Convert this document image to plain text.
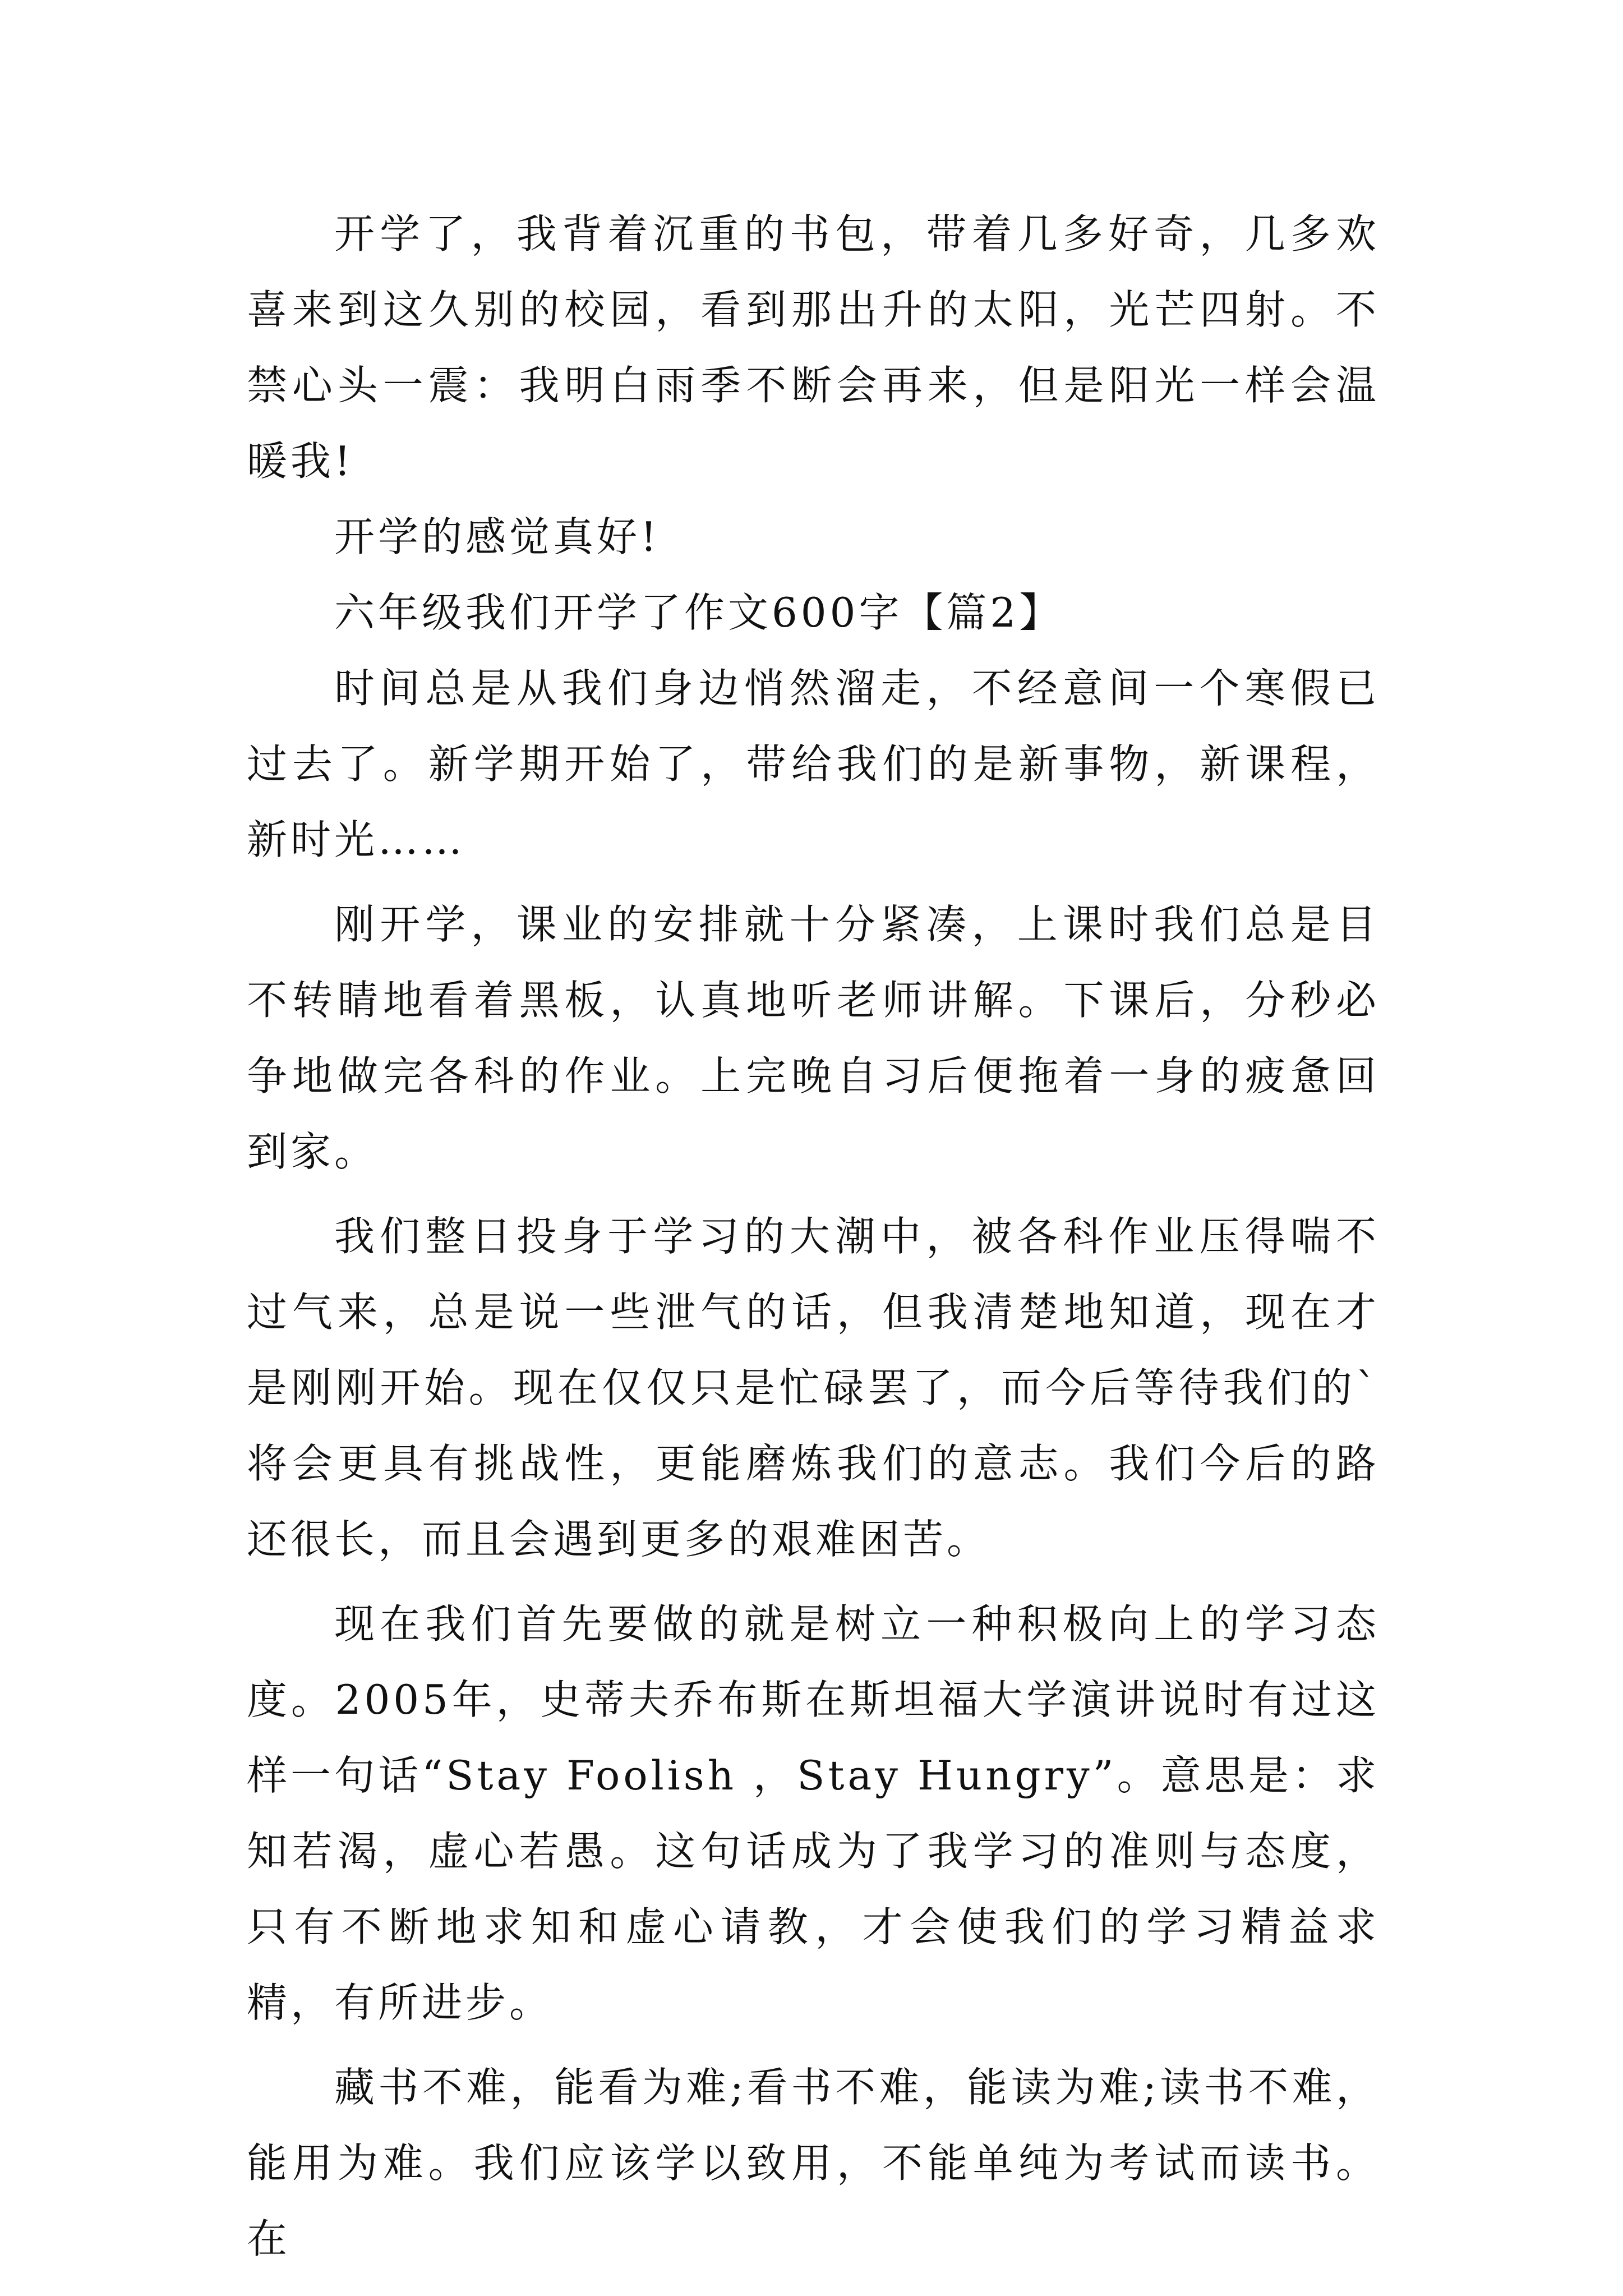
开学了，我背着沉重的书包，带着几多好奇，几多欢喜来到这久别的校园，看到那出升的太阳，光芒四射。不禁心头一震：我明白雨季不断会再来，但是阳光一样会温暖我!

开学的感觉真好!

六年级我们开学了作文600字【篇2】

时间总是从我们身边悄然溜走，不经意间一个寒假已过去了。新学期开始了，带给我们的是新事物，新课程，新时光……

刚开学，课业的安排就十分紧凑，上课时我们总是目不转睛地看着黑板，认真地听老师讲解。下课后，分秒必争地做完各科的作业。上完晚自习后便拖着一身的疲惫回到家。

我们整日投身于学习的大潮中，被各科作业压得喘不过气来，总是说一些泄气的话，但我清楚地知道，现在才是刚刚开始。现在仅仅只是忙碌罢了，而今后等待我们的`将会更具有挑战性，更能磨炼我们的意志。我们今后的路还很长，而且会遇到更多的艰难困苦。

现在我们首先要做的就是树立一种积极向上的学习态度。2005年，史蒂夫乔布斯在斯坦福大学演讲说时有过这样一句话“Stay Foolish ，Stay Hungry”。意思是：求知若渴，虚心若愚。这句话成为了我学习的准则与态度，只有不断地求知和虚心请教，才会使我们的学习精益求精，有所进步。

藏书不难，能看为难;看书不难，能读为难;读书不难，能用为难。我们应该学以致用，不能单纯为考试而读书。在
